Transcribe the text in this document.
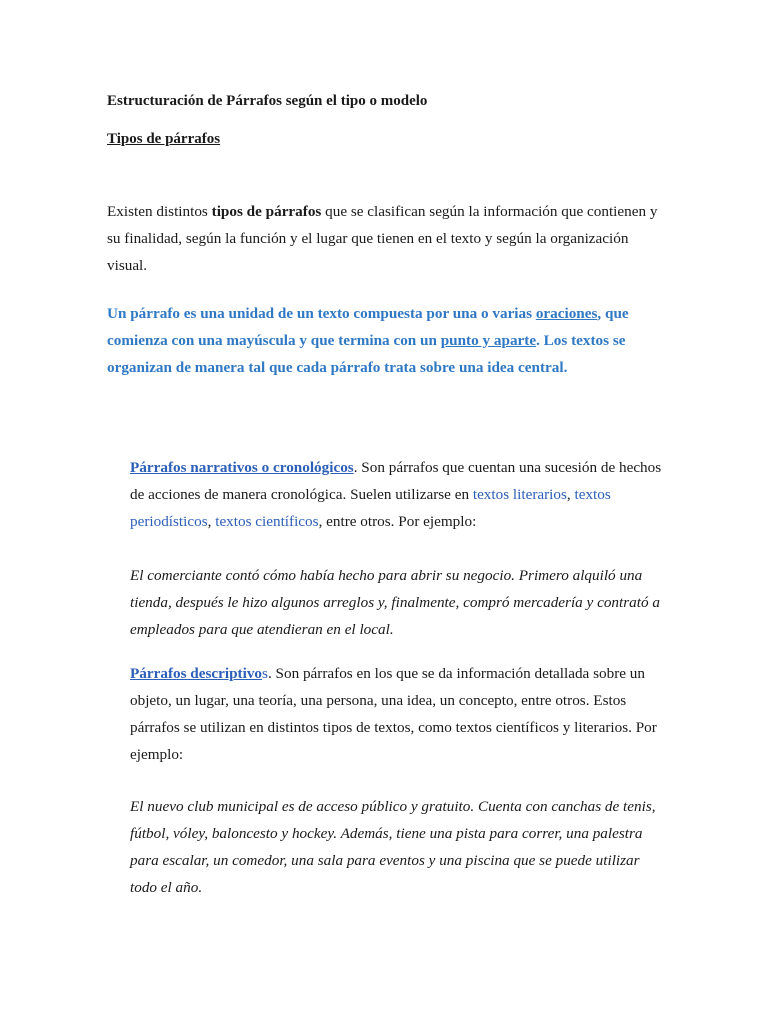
Estructuración de Párrafos según el tipo o modelo

Tipos de párrafos

Existen distintos tipos de párrafos que se clasifican según la información que contienen y su finalidad, según la función y el lugar que tienen en el texto y según la organización visual.

Un párrafo es una unidad de un texto compuesta por una o varias oraciones, que comienza con una mayúscula y que termina con un punto y aparte. Los textos se organizan de manera tal que cada párrafo trata sobre una idea central.

Párrafos narrativos o cronológicos. Son párrafos que cuentan una sucesión de hechos de acciones de manera cronológica. Suelen utilizarse en textos literarios, textos periodísticos, textos científicos, entre otros. Por ejemplo:

El comerciante contó cómo había hecho para abrir su negocio. Primero alquiló una tienda, después le hizo algunos arreglos y, finalmente, compró mercadería y contrató a empleados para que atendieran en el local.

Párrafos descriptivos. Son párrafos en los que se da información detallada sobre un objeto, un lugar, una teoría, una persona, una idea, un concepto, entre otros. Estos párrafos se utilizan en distintos tipos de textos, como textos científicos y literarios. Por ejemplo:

El nuevo club municipal es de acceso público y gratuito. Cuenta con canchas de tenis, fútbol, vóley, baloncesto y hockey. Además, tiene una pista para correr, una palestra para escalar, un comedor, una sala para eventos y una piscina que se puede utilizar todo el año.
